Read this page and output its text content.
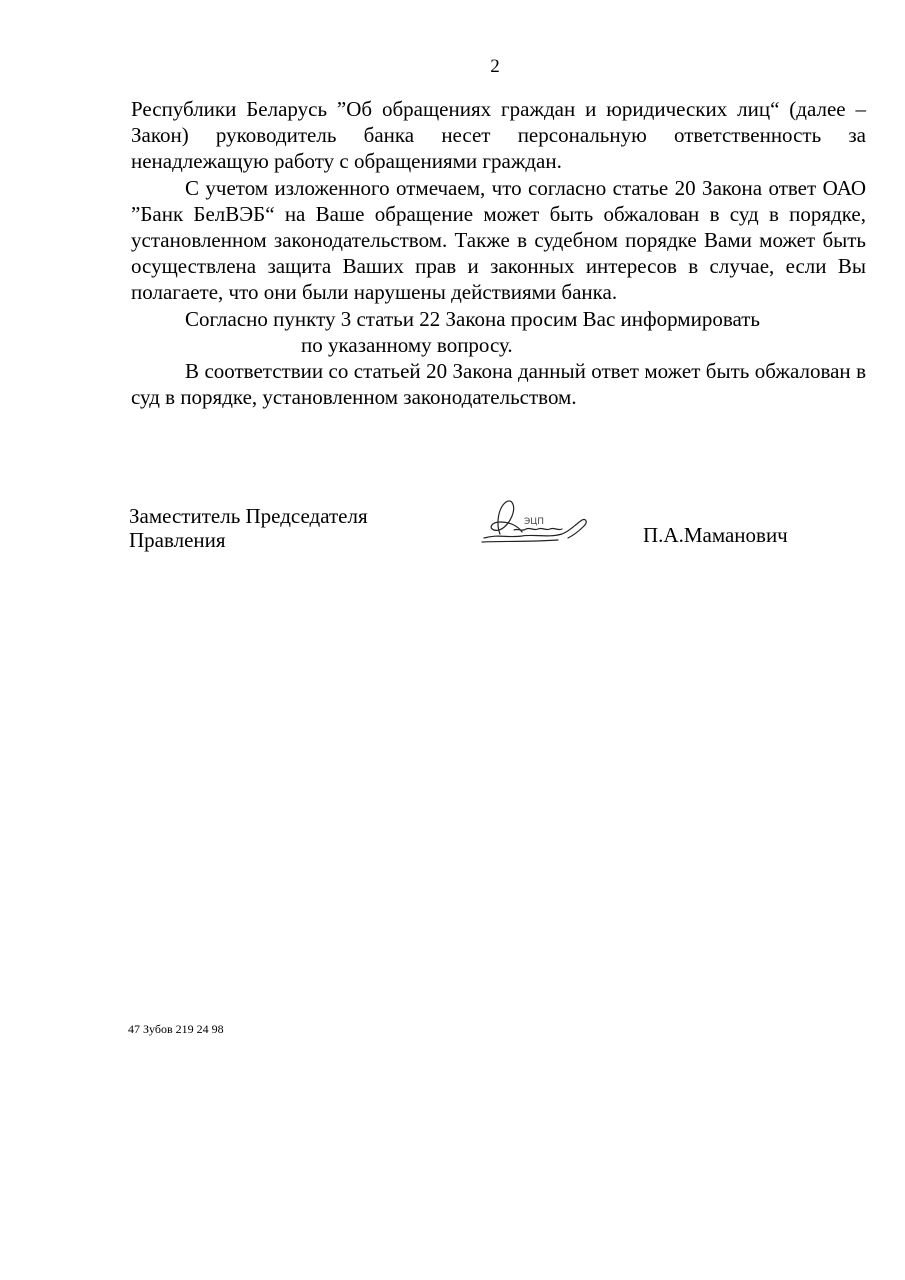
2

Республики Беларусь ”Об обращениях граждан и юридических лиц“ (далее – Закон) руководитель банка несет персональную ответственность за ненадлежащую работу с обращениями граждан.

С учетом изложенного отмечаем, что согласно статье 20 Закона ответ ОАО ”Банк БелВЭБ“ на Ваше обращение может быть обжалован в суд в порядке, установленном законодательством. Также в судебном порядке Вами может быть осуществлена защита Ваших прав и законных интересов в случае, если Вы полагаете, что они были нарушены действиями банка.

Согласно пункту 3 статьи 22 Закона просим Вас информировать
по указанному вопросу.

В соответствии со статьей 20 Закона данный ответ может быть обжалован в суд в порядке, установленном законодательством.

Заместитель Председателя
Правления
ЭЦП
П.А.Маманович
47 Зубов 219 24 98
